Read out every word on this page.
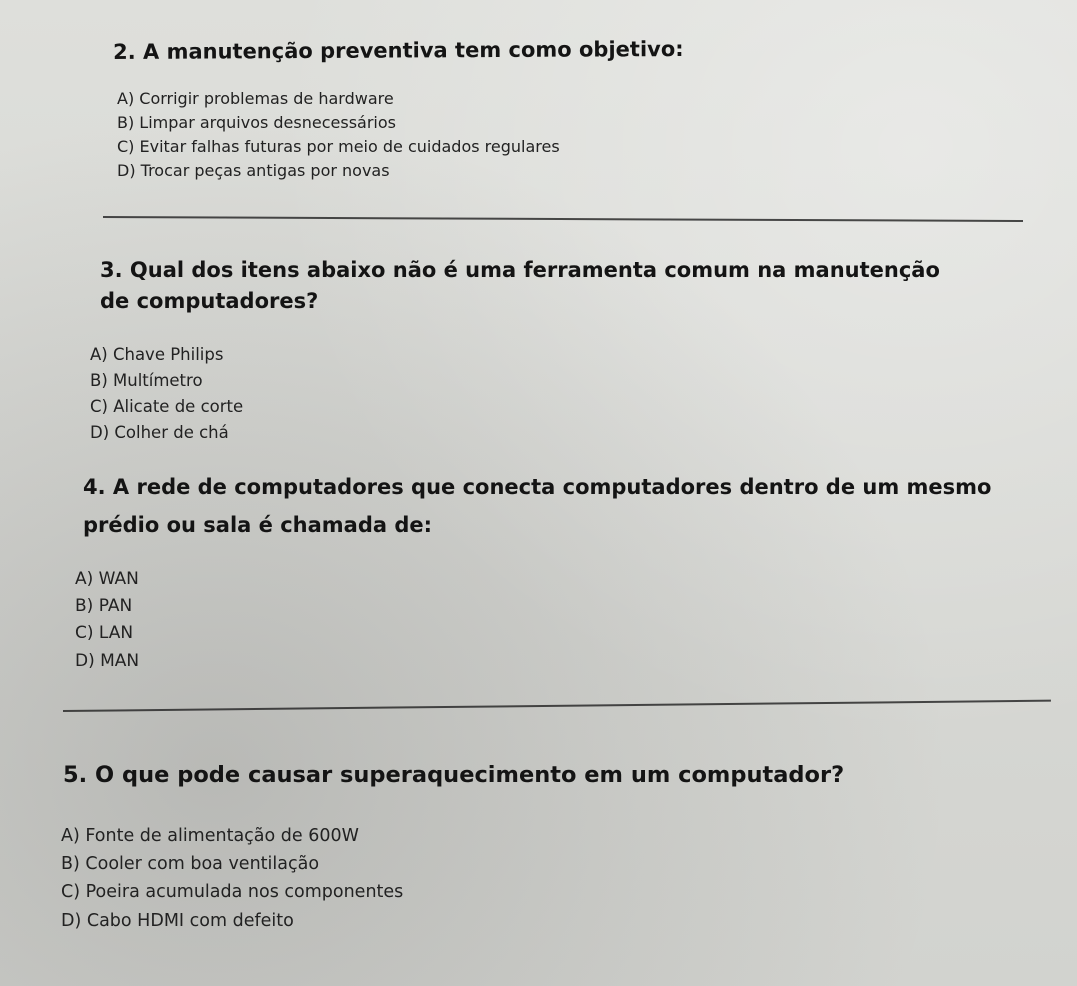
2. A manutenção preventiva tem como objetivo:

A) Corrigir problemas de hardware

B) Limpar arquivos desnecessários

C) Evitar falhas futuras por meio de cuidados regulares

D) Trocar peças antigas por novas

3. Qual dos itens abaixo não é uma ferramenta comum na manutenção de computadores?

A) Chave Philips

B) Multímetro

C) Alicate de corte

D) Colher de chá

4. A rede de computadores que conecta computadores dentro de um mesmo prédio ou sala é chamada de:

A) WAN

B) PAN

C) LAN

D) MAN

5. O que pode causar superaquecimento em um computador?

A) Fonte de alimentação de 600W

B) Cooler com boa ventilação

C) Poeira acumulada nos componentes

D) Cabo HDMI com defeito
